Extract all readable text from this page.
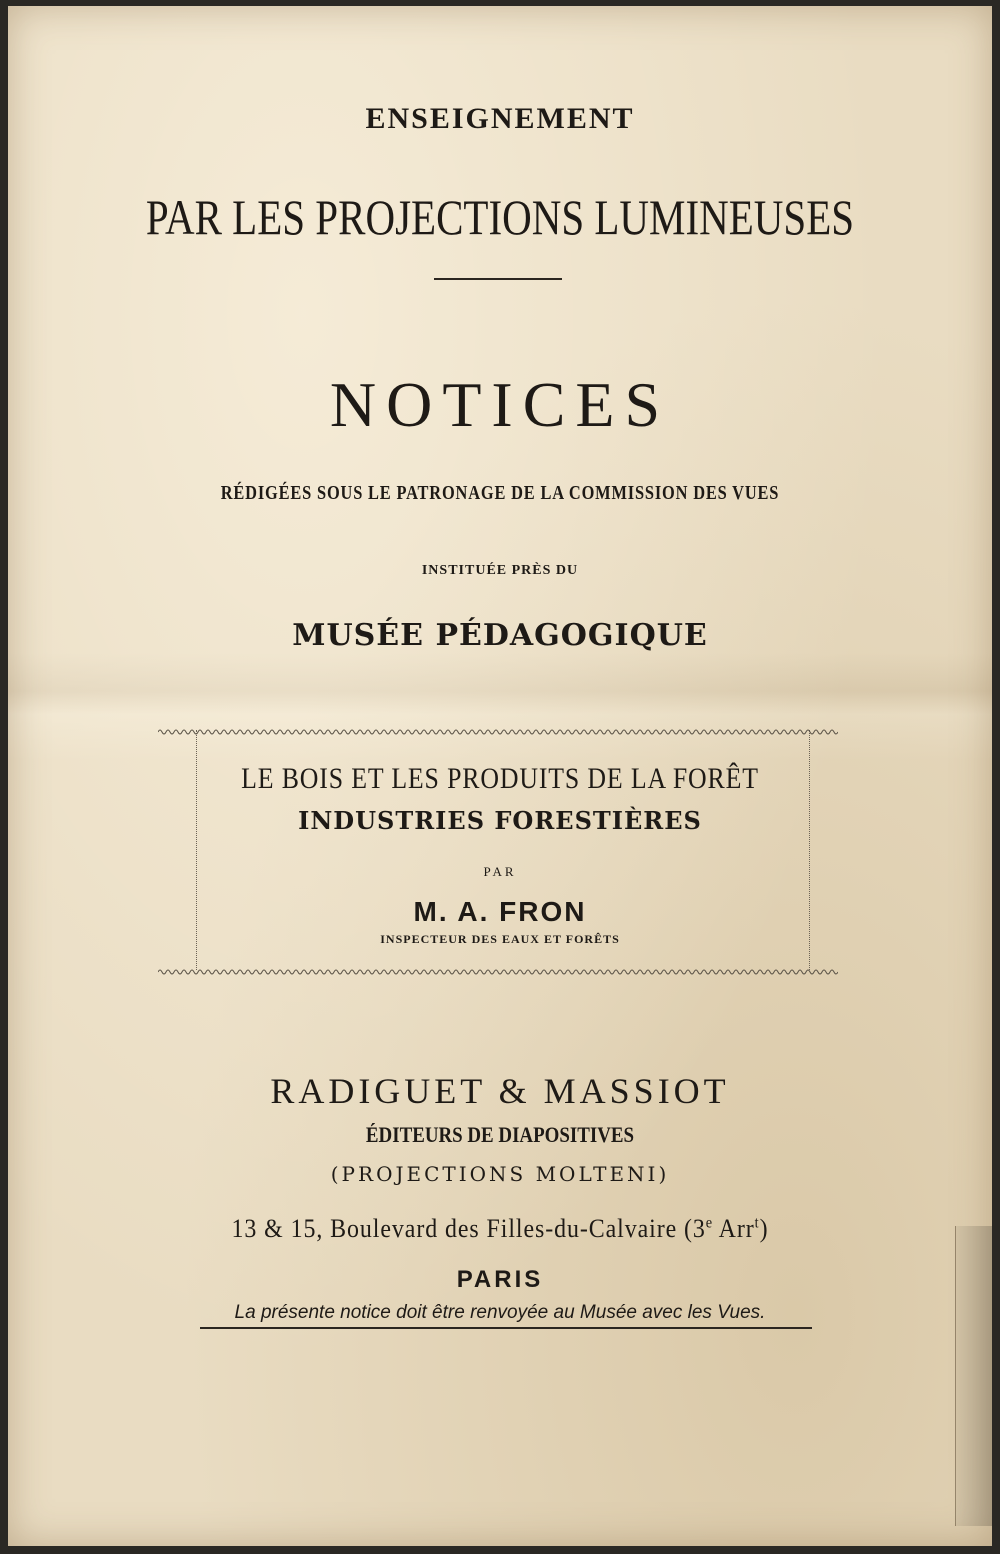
ENSEIGNEMENT
PAR LES PROJECTIONS LUMINEUSES
NOTICES
RÉDIGÉES SOUS LE PATRONAGE DE LA COMMISSION DES VUES
INSTITUÉE PRÈS DU
MUSÉE PÉDAGOGIQUE
LE BOIS ET LES PRODUITS DE LA FORÊT
INDUSTRIES FORESTIÈRES
PAR
M. A. FRON
INSPECTEUR DES EAUX ET FORÊTS
RADIGUET & MASSIOT
ÉDITEURS DE DIAPOSITIVES
(PROJECTIONS MOLTENI)
13 & 15, Boulevard des Filles-du-Calvaire (3e Arr$^t$)
PARIS
La présente notice doit être renvoyée au Musée avec les Vues.
